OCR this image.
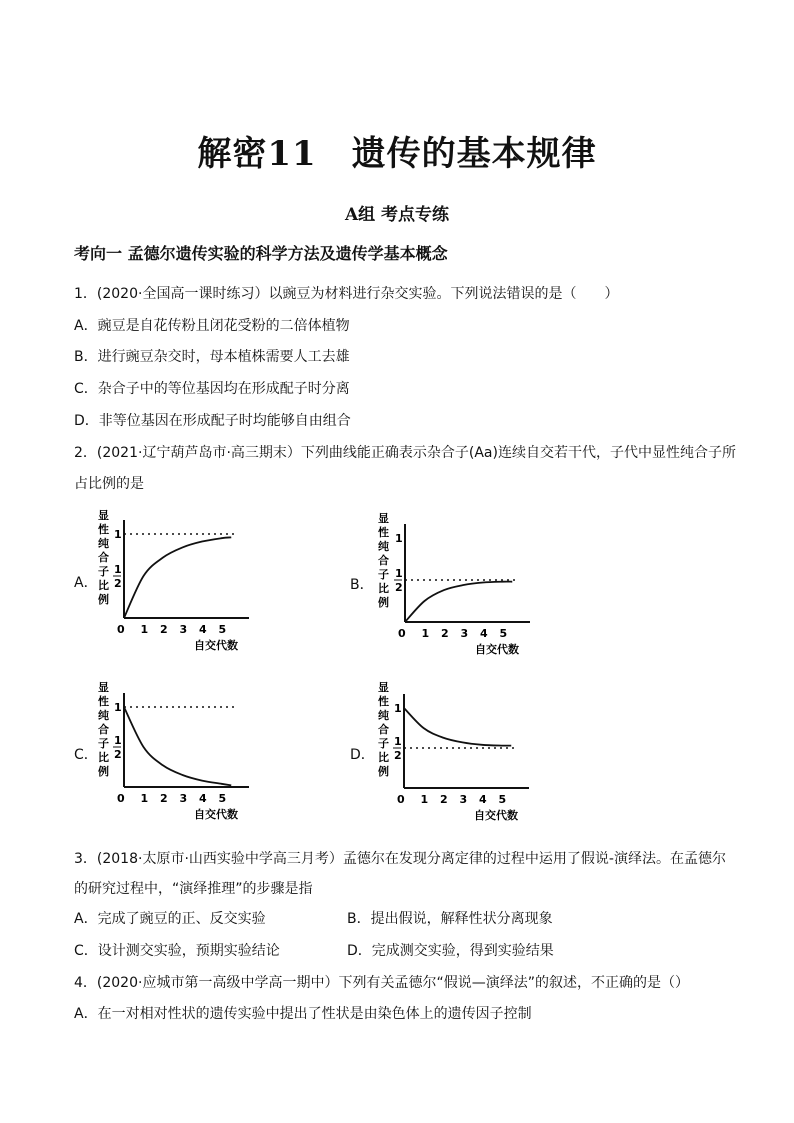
解密11　遗传的基本规律
A组 考点专练
考向一 孟德尔遗传实验的科学方法及遗传学基本概念
1．(2020·全国高一课时练习）以豌豆为材料进行杂交实验。下列说法错误的是（　　）
A．豌豆是自花传粉且闭花受粉的二倍体植物
B．进行豌豆杂交时，母本植株需要人工去雄
C．杂合子中的等位基因均在形成配子时分离
D．非等位基因在形成配子时均能够自由组合
2．(2021·辽宁葫芦岛市·高三期末）下列曲线能正确表示杂合子(Aa)连续自交若干代，子代中显性纯合子所
占比例的是
A．	B．
C．	D．
显
性
纯
合
子
比
例
1
1
2
0 1 2 3 4 5
自交代数
显
性
纯
合
子
比
例
1
1
2
0 1 2 3 4 5
自交代数
显
性
纯
合
子
比
例
1
1
2
0 1 2 3 4 5
自交代数
显
性
纯
合
子
比
例
1
1
2
0 1 2 3 4 5
自交代数
3．(2018·太原市·山西实验中学高三月考）孟德尔在发现分离定律的过程中运用了假说-演绎法。在孟德尔
的研究过程中，“演绎推理”的步骤是指
A．完成了豌豆的正、反交实验	B．提出假说，解释性状分离现象
C．设计测交实验，预期实验结论	D．完成测交实验，得到实验结果
4．(2020·应城市第一高级中学高一期中）下列有关孟德尔“假说—演绎法”的叙述，不正确的是（）
A．在一对相对性状的遗传实验中提出了性状是由染色体上的遗传因子控制
